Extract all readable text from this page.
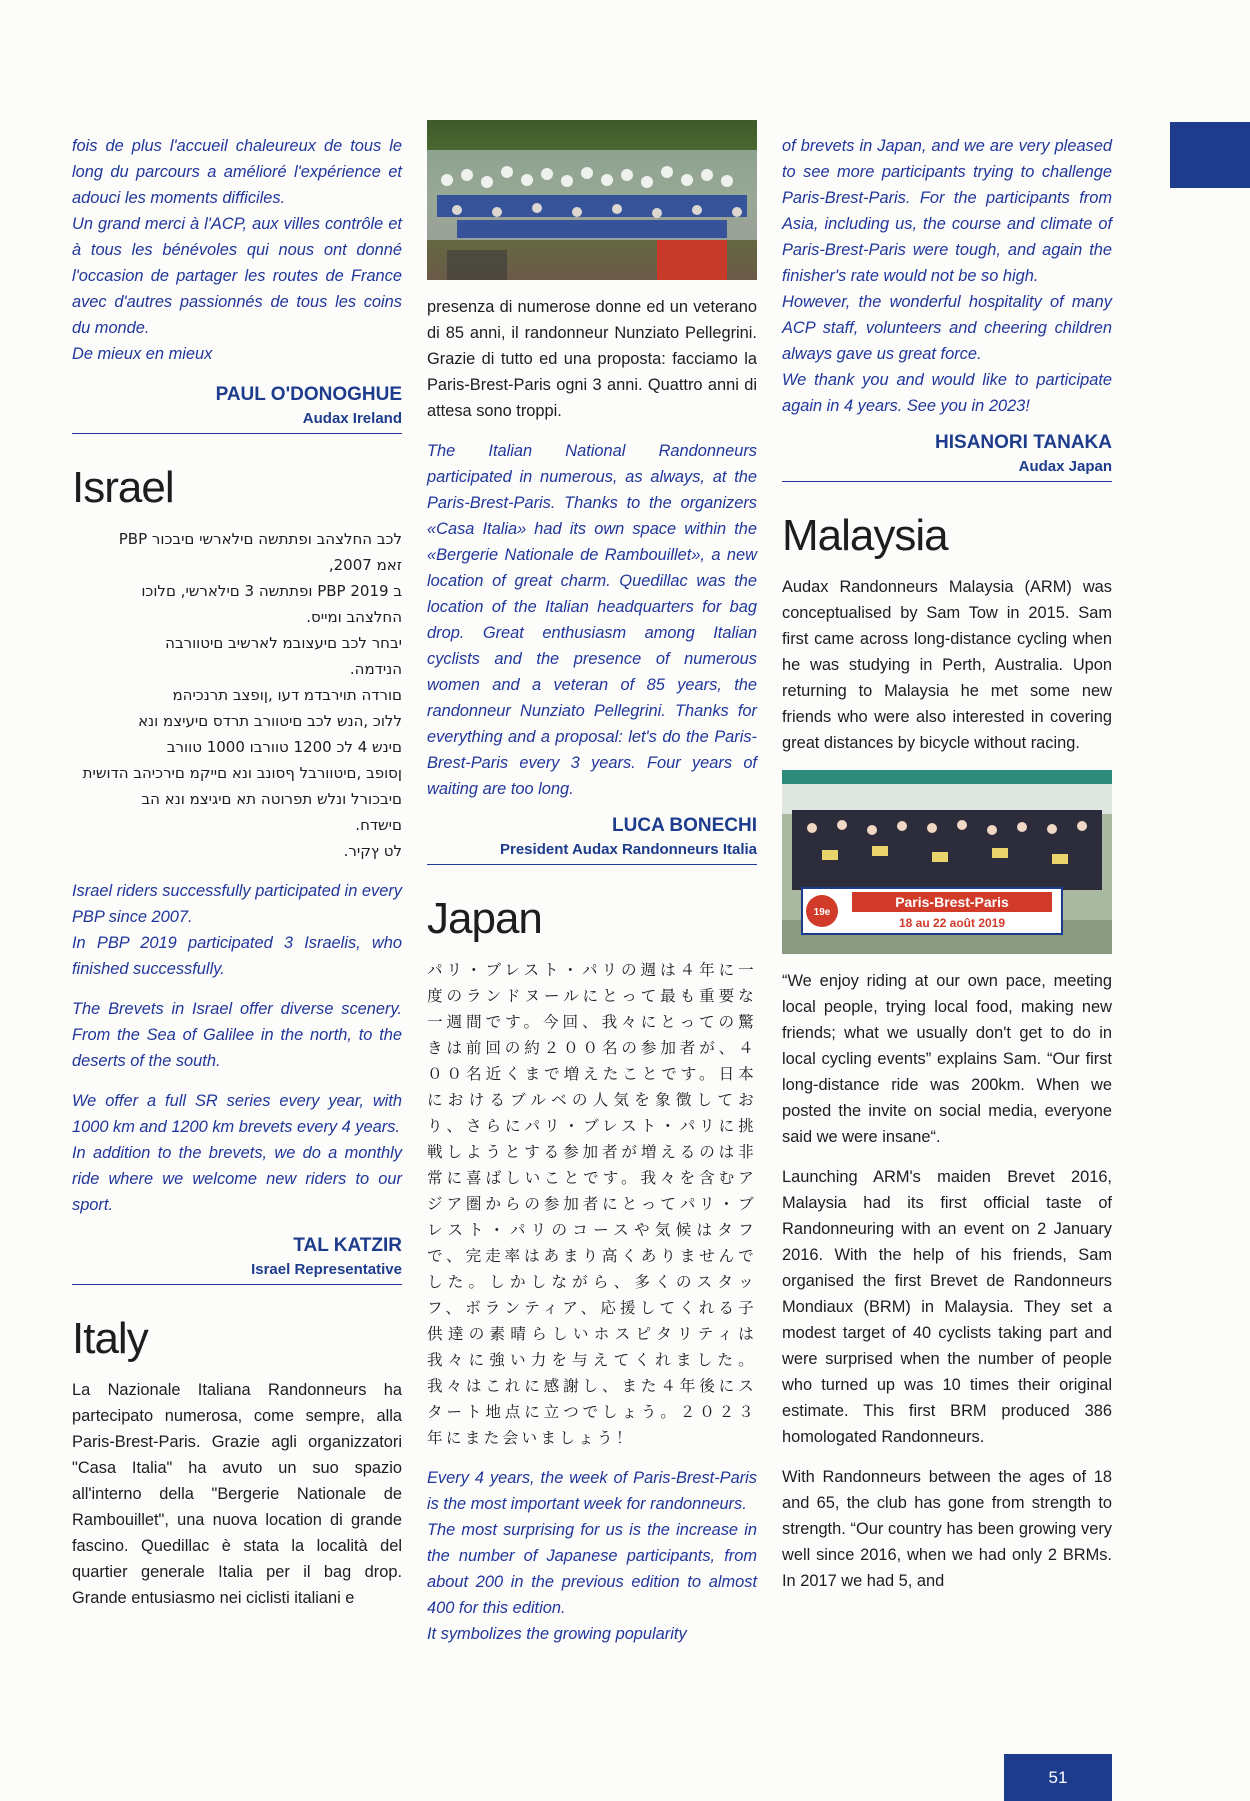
fois de plus l'accueil chaleureux de tous le long du parcours a amélioré l'expérience et adouci les moments difficiles.

Un grand merci à l'ACP, aux villes contrôle et à tous les bénévoles qui nous ont donné l'occasion de partager les routes de France avec d'autres passionnés de tous les coins du monde.

De mieux en mieux

PAUL O'DONOGHUE
Audax Ireland
Israel

לכב החלצהב ופתתשה םילארשי םיבכור PBP

זאמ 2007,

ב PBP 2019 ופתתשה 3 םילארשי, םלוכו

החלצהב ומייס.

יבחר לכב םיעצובמ לארשיב םיטוורבה

הנידמה.

םורדה תוירבדמ דעו ,ןופצב תרנכיהמ

ללוכ ,הנש לכב םיטוורב תרדס םיעיצמ ונא

םינש 4 לכ 1200 טוורבו 1000 טוורב

ןסופב ,םיטוורבל ףסונב ונא םייקמ םירכיהב הדושית

םיבכורל ונלש תפרוטה תא םיגיצמ ונא הב

םישדח.

לט ץקיר.

Israel riders successfully participated in every PBP since 2007.

In PBP 2019 participated 3 Israelis, who finished successfully.

The Brevets in Israel offer diverse scenery. From the Sea of Galilee in the north, to the deserts of the south.

We offer a full SR series every year, with 1000 km and 1200 km brevets every 4 years.

In addition to the brevets, we do a monthly ride where we welcome new riders to our sport.

TAL KATZIR
Israel Representative
Italy

La Nazionale Italiana Randonneurs ha partecipato numerosa, come sempre, alla Paris-Brest-Paris. Grazie agli organizzatori "Casa Italia" ha avuto un suo spazio all'interno della "Bergerie Nationale de Rambouillet", una nuova location di grande fascino. Quedillac è stata la località del quartier generale Italia per il bag drop. Grande entusiasmo nei ciclisti italiani e

presenza di numerose donne ed un veterano di 85 anni, il randonneur Nunziato Pellegrini. Grazie di tutto ed una proposta: facciamo la Paris-Brest-Paris ogni 3 anni. Quattro anni di attesa sono troppi.

The Italian National Randonneurs participated in numerous, as always, at the Paris-Brest-Paris. Thanks to the organizers «Casa Italia» had its own space within the «Bergerie Nationale de Rambouillet», a new location of great charm. Quedillac was the location of the Italian headquarters for bag drop. Great enthusiasm among Italian cyclists and the presence of numerous women and a veteran of 85 years, the randonneur Nunziato Pellegrini. Thanks for everything and a proposal: let's do the Paris-Brest-Paris every 3 years. Four years of waiting are too long.

LUCA BONECHI
President Audax Randonneurs Italia
Japan

パリ・ブレスト・パリの週は４年に一度のランドヌールにとって最も重要な一週間です。今回、我々にとっての驚きは前回の約２００名の参加者が、４００名近くまで増えたことです。日本におけるブルベの人気を象徴しており、さらにパリ・ブレスト・パリに挑戦しようとする参加者が増えるのは非常に喜ばしいことです。我々を含むアジア圏からの参加者にとってパリ・ブレスト・パリのコースや気候はタフで、完走率はあまり高くありませんでした。しかしながら、多くのスタッフ、ボランティア、応援してくれる子供達の素晴らしいホスピタリティは我々に強い力を与えてくれました。我々はこれに感謝し、また４年後にスタート地点に立つでしょう。２０２３年にまた会いましょう！

Every 4 years, the week of Paris-Brest-Paris is the most important week for randonneurs.

The most surprising for us is the increase in the number of Japanese participants, from about 200 in the previous edition to almost 400 for this edition.

It symbolizes the growing popularity

of brevets in Japan, and we are very pleased to see more participants trying to challenge Paris-Brest-Paris. For the participants from Asia, including us, the course and climate of Paris-Brest-Paris were tough, and again the finisher's rate would not be so high.

However, the wonderful hospitality of many ACP staff, volunteers and cheering children always gave us great force.

We thank you and would like to participate again in 4 years. See you in 2023!

HISANORI TANAKA
Audax Japan
Malaysia

Audax Randonneurs Malaysia (ARM) was conceptualised by Sam Tow in 2015. Sam first came across long-distance cycling when he was studying in Perth, Australia. Upon returning to Malaysia he met some new friends who were also interested in covering great distances by bicycle without racing.

Paris-Brest-Paris
18 au 22 août 2019
19e

“We enjoy riding at our own pace, meeting local people, trying local food, making new friends; what we usually don't get to do in local cycling events” explains Sam. “Our first long-distance ride was 200km. When we posted the invite on social media, everyone said we were insane“.

Launching ARM's maiden Brevet 2016, Malaysia had its first official taste of Randonneuring with an event on 2 January 2016. With the help of his friends, Sam organised the first Brevet de Randonneurs Mondiaux (BRM) in Malaysia. They set a modest target of 40 cyclists taking part and were surprised when the number of people who turned up was 10 times their original estimate. This first BRM produced 386 homologated Randonneurs.

With Randonneurs between the ages of 18 and 65, the club has gone from strength to strength. “Our country has been growing very well since 2016, when we had only 2 BRMs. In 2017 we had 5, and

51
